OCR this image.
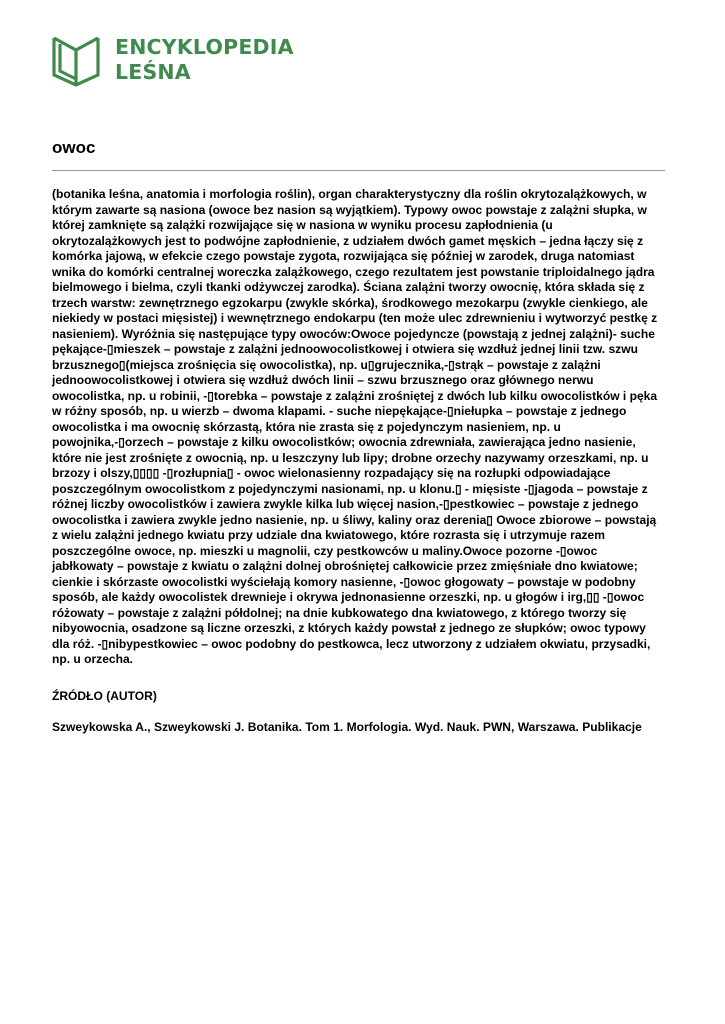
ENCYKLOPEDIA
LEŚNA
owoc

(botanika leśna, anatomia i morfologia roślin), organ charakterystyczny dla roślin okrytozalążkowych, w
którym zawarte są nasiona (owoce bez nasion są wyjątkiem). Typowy owoc powstaje z zalążni słupka, w
której zamknięte są zalążki rozwijające się w nasiona w wyniku procesu zapłodnienia (u
okrytozalążkowych jest to podwójne zapłodnienie, z udziałem dwóch gamet męskich – jedna łączy się z
komórka jajową, w efekcie czego powstaje zygota, rozwijająca się później w zarodek, druga natomiast
wnika do komórki centralnej woreczka zalążkowego, czego rezultatem jest powstanie triploidalnego jądra
bielmowego i bielma, czyli tkanki odżywczej zarodka). Ściana zalążni tworzy owocnię, która składa się z
trzech warstw: zewnętrznego egzokarpu (zwykle skórka), środkowego mezokarpu (zwykle cienkiego, ale
niekiedy w postaci mięsistej) i wewnętrznego endokarpu (ten może ulec zdrewnieniu i wytworzyć pestkę z
nasieniem). Wyróżnia się następujące typy owoców:Owoce pojedyncze (powstają z jednej zalążni)- suche
pękające-▯mieszek – powstaje z zalążni jednoowocolistkowej i otwiera się wzdłuż jednej linii tzw. szwu
brzusznego▯(miejsca zrośnięcia się owocolistka), np. u▯grujecznika,-▯strąk – powstaje z zalążni
jednoowocolistkowej i otwiera się wzdłuż dwóch linii – szwu brzusznego oraz głównego nerwu
owocolistka, np. u robinii, -▯torebka – powstaje z zalążni zrośniętej z dwóch lub kilku owocolistków i pęka
w różny sposób, np. u wierzb – dwoma klapami. - suche niepękające-▯niełupka – powstaje z jednego
owocolistka i ma owocnię skórzastą, która nie zrasta się z pojedynczym nasieniem, np. u
powojnika,-▯orzech – powstaje z kilku owocolistków; owocnia zdrewniała, zawierająca jedno nasienie,
które nie jest zrośnięte z owocnią, np. u leszczyny lub lipy; drobne orzechy nazywamy orzeszkami, np. u
brzozy i olszy,▯▯▯▯ -▯rozłupnia▯ - owoc wielonasienny rozpadający się na rozłupki odpowiadające
poszczególnym owocolistkom z pojedynczymi nasionami, np. u klonu.▯ - mięsiste -▯jagoda – powstaje z
różnej liczby owocolistków i zawiera zwykle kilka lub więcej nasion,-▯pestkowiec – powstaje z jednego
owocolistka i zawiera zwykle jedno nasienie, np. u śliwy, kaliny oraz derenia▯ Owoce zbiorowe – powstają
z wielu zalążni jednego kwiatu przy udziale dna kwiatowego, które rozrasta się i utrzymuje razem
poszczególne owoce, np. mieszki u magnolii, czy pestkowców u maliny.Owoce pozorne -▯owoc
jabłkowaty – powstaje z kwiatu o zalążni dolnej obrośniętej całkowicie przez zmięśniałe dno kwiatowe;
cienkie i skórzaste owocolistki wyściełają komory nasienne, -▯owoc głogowaty – powstaje w podobny
sposób, ale każdy owocolistek drewnieje i okrywa jednonasienne orzeszki, np. u głogów i irg,▯▯ -▯owoc
różowaty – powstaje z zalążni półdolnej; na dnie kubkowatego dna kwiatowego, z którego tworzy się
nibyowocnia, osadzone są liczne orzeszki, z których każdy powstał z jednego ze słupków; owoc typowy
dla róż. -▯nibypestkowiec – owoc podobny do pestkowca, lecz utworzony z udziałem okwiatu, przysadki,
np. u orzecha.

ŹRÓDŁO (AUTOR)

Szweykowska A., Szweykowski J. Botanika. Tom 1. Morfologia. Wyd. Nauk. PWN, Warszawa. Publikacje
